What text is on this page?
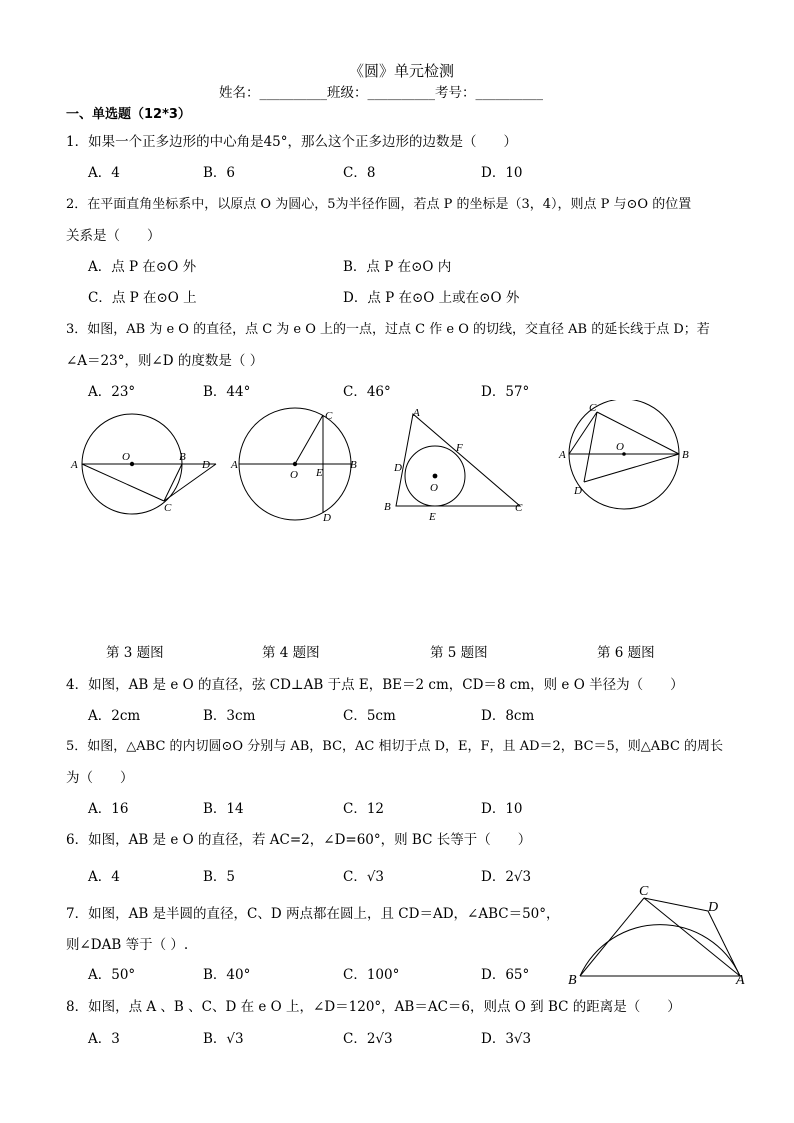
《圆》单元检测
姓名：__________班级：__________考号：__________
一、单选题（12*3）
1．如果一个正多边形的中心角是45°，那么这个正多边形的边数是（　　）
A．4	B．6	C．8	D．10
2．在平面直角坐标系中，以原点 O 为圆心，5为半径作圆，若点 P 的坐标是（3，4），则点 P 与⊙O 的位置
关系是（　　）
A．点 P 在⊙O 外	B．点 P 在⊙O 内
C．点 P 在⊙O 上	D．点 P 在⊙O 上或在⊙O 外
3．如图，AB 为 e O 的直径，点 C 为 e O 上的一点，过点 C 作 e O 的切线，交直径 AB 的延长线于点 D；若
∠A＝23°，则∠D 的度数是（ ）
A．23°	B．44°	C．46°	D．57°
A
O	B
D
C
A
O E
B
C
D
A
F
D
O
B
E
C
C
O
A	B
D
第 3 题图	第 4 题图	第 5 题图	第 6 题图
4．如图，AB 是 e O 的直径，弦 CD⊥AB 于点 E，BE＝2 cm，CD＝8 cm，则 e O 半径为（　　）
A．2cm	B．3cm	C．5cm	D．8cm
5．如图，△ABC 的内切圆⊙O 分别与 AB，BC，AC 相切于点 D，E，F，且 AD＝2，BC＝5，则△ABC 的周长
为（　　）
A．16	B．14	C．12	D．10
6．如图，AB 是 e O 的直径，若 AC=2，∠D=60°，则 BC 长等于（　　）
A．4	B．5	C．√3	D．2√3
7．如图，AB 是半圆的直径，C、D 两点都在圆上，且 CD＝AD，∠ABC＝50°，
则∠DAB 等于（ ）.
A．50°	B．40°	C．100°	D．65°
C
D
B	A
8．如图，点 A 、B 、C、D 在 e O 上，∠D＝120°，AB＝AC＝6，则点 O 到 BC 的距离是（　　）
A．3	B．√3	C．2√3	D．3√3
